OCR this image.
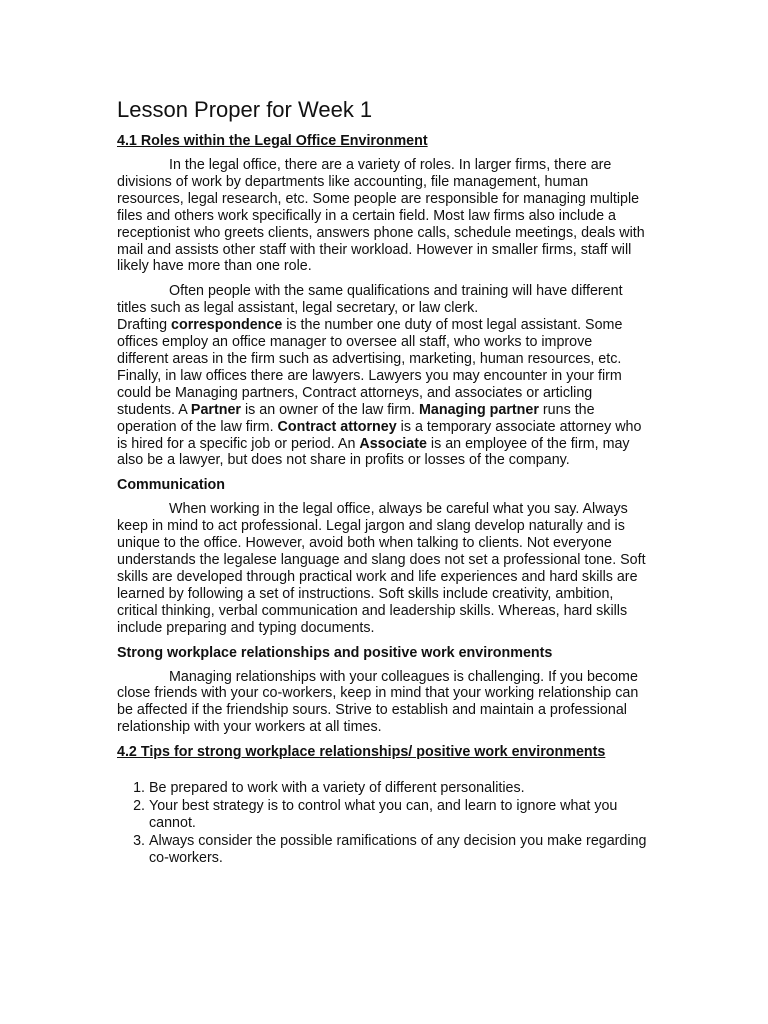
Lesson Proper for Week 1
4.1 Roles within the Legal Office Environment

In the legal office, there are a variety of roles. In larger firms, there are divisions of work by departments like accounting, file management, human resources, legal research, etc. Some people are responsible for managing multiple files and others work specifically in a certain field. Most law firms also include a receptionist who greets clients, answers phone calls, schedule meetings, deals with mail and assists other staff with their workload. However in smaller firms, staff will likely have more than one role.

Often people with the same qualifications and training will have different titles such as legal assistant, legal secretary, or law clerk.
Drafting correspondence is the number one duty of most legal assistant. Some offices employ an office manager to oversee all staff, who works to improve different areas in the firm such as advertising, marketing, human resources, etc. Finally, in law offices there are lawyers. Lawyers you may encounter in your firm could be Managing partners, Contract attorneys, and associates or articling students. A Partner is an owner of the law firm. Managing partner runs the operation of the law firm. Contract attorney is a temporary associate attorney who is hired for a specific job or period. An Associate is an employee of the firm, may also be a lawyer, but does not share in profits or losses of the company.

Communication

When working in the legal office, always be careful what you say. Always keep in mind to act professional. Legal jargon and slang develop naturally and is unique to the office. However, avoid both when talking to clients. Not everyone understands the legalese language and slang does not set a professional tone. Soft skills are developed through practical work and life experiences and hard skills are learned by following a set of instructions. Soft skills include creativity, ambition, critical thinking, verbal communication and leadership skills. Whereas, hard skills include preparing and typing documents.

Strong workplace relationships and positive work environments

Managing relationships with your colleagues is challenging. If you become close friends with your co-workers, keep in mind that your working relationship can be affected if the friendship sours. Strive to establish and maintain a professional relationship with your workers at all times.

4.2 Tips for strong workplace relationships/ positive work environments
1. Be prepared to work with a variety of different personalities.
2. Your best strategy is to control what you can, and learn to ignore what you cannot.
3. Always consider the possible ramifications of any decision you make regarding co-workers.
